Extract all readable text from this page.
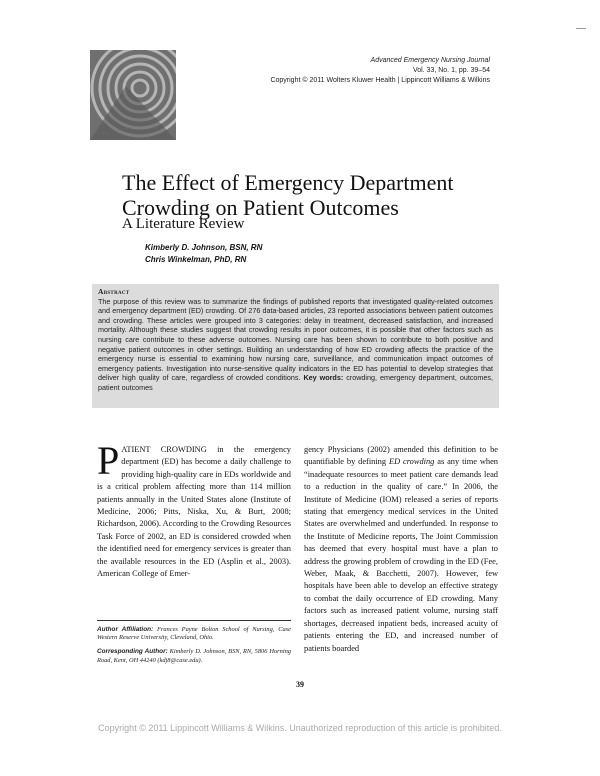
Advanced Emergency Nursing Journal
Vol. 33, No. 1, pp. 39–54
Copyright © 2011 Wolters Kluwer Health | Lippincott Williams & Wilkins
The Effect of Emergency Department Crowding on Patient Outcomes
A Literature Review
Kimberly D. Johnson, BSN, RN
Chris Winkelman, PhD, RN
Abstract
The purpose of this review was to summarize the findings of published reports that investigated quality-related outcomes and emergency department (ED) crowding. Of 276 data-based articles, 23 reported associations between patient outcomes and crowding. These articles were grouped into 3 categories: delay in treatment, decreased satisfaction, and increased mortality. Although these studies suggest that crowding results in poor outcomes, it is possible that other factors such as nursing care contribute to these adverse outcomes. Nursing care has been shown to contribute to both positive and negative patient outcomes in other settings. Building an understanding of how ED crowding affects the practice of the emergency nurse is essential to examining how nursing care, surveillance, and communication impact outcomes of emergency patients. Investigation into nurse-sensitive quality indicators in the ED has potential to develop strategies that deliver high quality of care, regardless of crowded conditions. Key words: crowding, emergency department, outcomes, patient outcomes

PATIENT CROWDING in the emergency department (ED) has become a daily challenge to providing high-quality care in EDs worldwide and is a critical problem affecting more than 114 million patients annually in the United States alone (Institute of Medicine, 2006; Pitts, Niska, Xu, & Burt, 2008; Richardson, 2006). According to the Crowding Resources Task Force of 2002, an ED is considered crowded when the identified need for emergency services is greater than the available resources in the ED (Asplin et al., 2003). American College of Emer-

gency Physicians (2002) amended this definition to be quantifiable by defining ED crowding as any time when “inadequate resources to meet patient care demands lead to a reduction in the quality of care.” In 2006, the Institute of Medicine (IOM) released a series of reports stating that emergency medical services in the United States are overwhelmed and underfunded. In response to the Institute of Medicine reports, The Joint Commission has deemed that every hospital must have a plan to address the growing problem of crowding in the ED (Fee, Weber, Maak, & Bacchetti, 2007). However, few hospitals have been able to develop an effective strategy to combat the daily occurrence of ED crowding. Many factors such as increased patient volume, nursing staff shortages, decreased inpatient beds, increased acuity of patients entering the ED, and increased number of patients boarded

Author Affiliation: Frances Payne Bolton School of Nursing, Case Western Reserve University, Cleveland, Ohio.

Corresponding Author: Kimberly D. Johnson, BSN, RN, 5806 Horning Road, Kent, OH 44240 (kdj8@case.edu).

39
Copyright © 2011 Lippincott Williams & Wilkins. Unauthorized reproduction of this article is prohibited.
